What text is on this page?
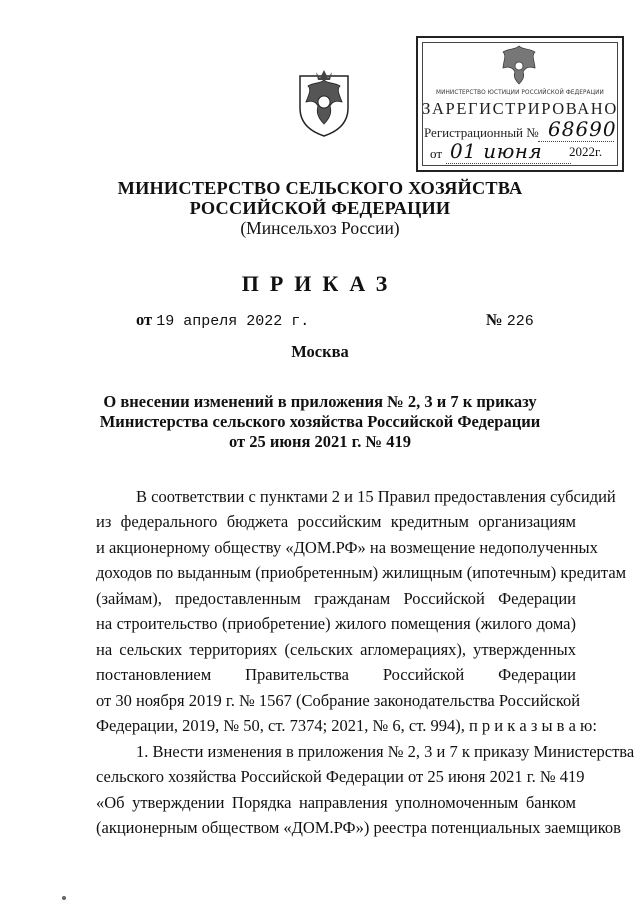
МИНИСТЕРСТВО ЮСТИЦИИ РОССИЙСКОЙ ФЕДЕРАЦИИ
ЗАРЕГИСТРИРОВАНО
Регистрационный № 68690
от 01 июня 2022г.
МИНИСТЕРСТВО СЕЛЬСКОГО ХОЗЯЙСТВА
РОССИЙСКОЙ ФЕДЕРАЦИИ
(Минсельхоз России)
ПРИКАЗ
от 19 апреля 2022 г.	№ 226
Москва
О внесении изменений в приложения № 2, 3 и 7 к приказу
Министерства сельского хозяйства Российской Федерации
от 25 июня 2021 г. № 419
В соответствии с пунктами 2 и 15 Правил предоставления субсидий
из федерального бюджета российским кредитным организациям
и акционерному обществу «ДОМ.РФ» на возмещение недополученных
доходов по выданным (приобретенным) жилищным (ипотечным) кредитам
(займам), предоставленным гражданам Российской Федерации
на строительство (приобретение) жилого помещения (жилого дома)
на сельских территориях (сельских агломерациях), утвержденных
постановлением Правительства Российской Федерации
от 30 ноября 2019 г. № 1567 (Собрание законодательства Российской
Федерации, 2019, № 50, ст. 7374; 2021, № 6, ст. 994), п р и к а з ы в а ю:
1. Внести изменения в приложения № 2, 3 и 7 к приказу Министерства
сельского хозяйства Российской Федерации от 25 июня 2021 г. № 419
«Об утверждении Порядка направления уполномоченным банком
(акционерным обществом «ДОМ.РФ») реестра потенциальных заемщиков
